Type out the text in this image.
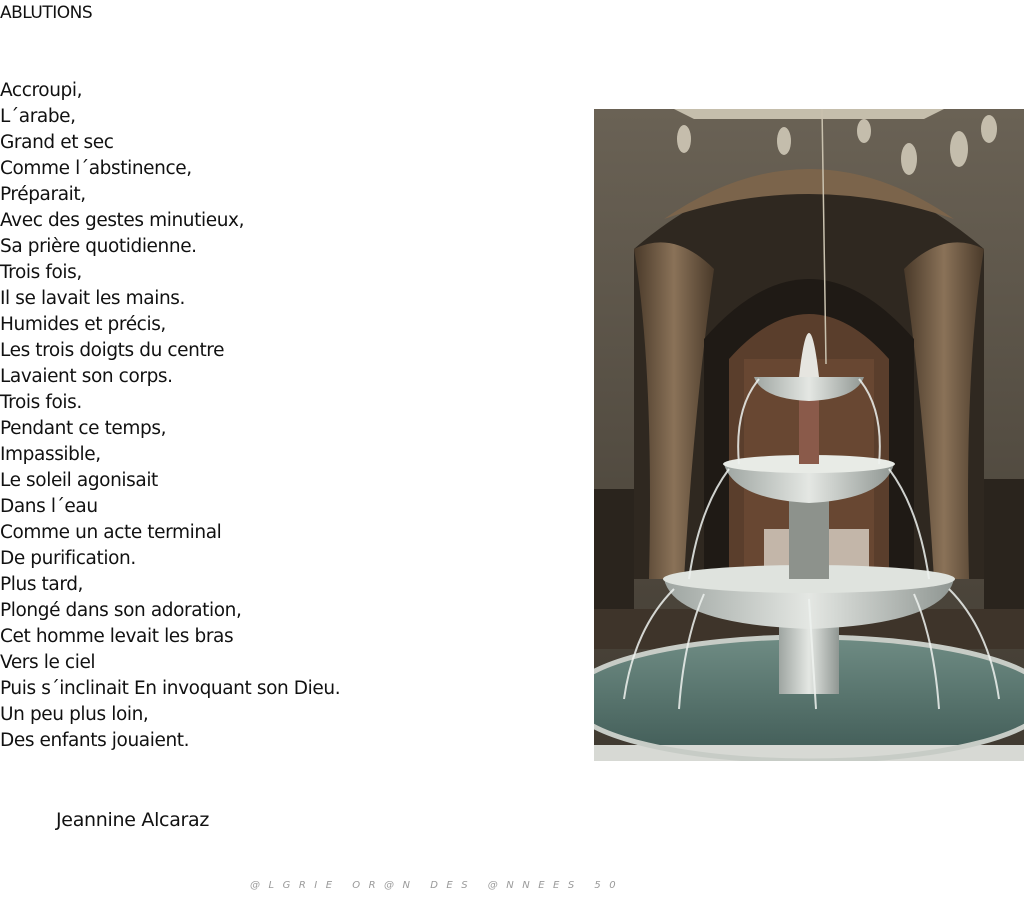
ABLUTIONS
Accroupi,
L´arabe,
Grand et sec
Comme l´abstinence,
Préparait,
Avec des gestes minutieux,
Sa prière quotidienne.
Trois fois,
Il se lavait les mains.
Humides et précis,
Les trois doigts du centre
Lavaient son corps.
Trois fois.
Pendant ce temps,
Impassible,
Le soleil agonisait
Dans l´eau
Comme un acte terminal
De purification.
Plus tard,
Plongé dans son adoration,
Cet homme levait les bras
Vers le ciel
Puis s´inclinait En invoquant son Dieu.
Un peu plus loin,
Des enfants jouaient.
Jeannine Alcaraz
@LGRIE OR@N DES @NNEES 50
